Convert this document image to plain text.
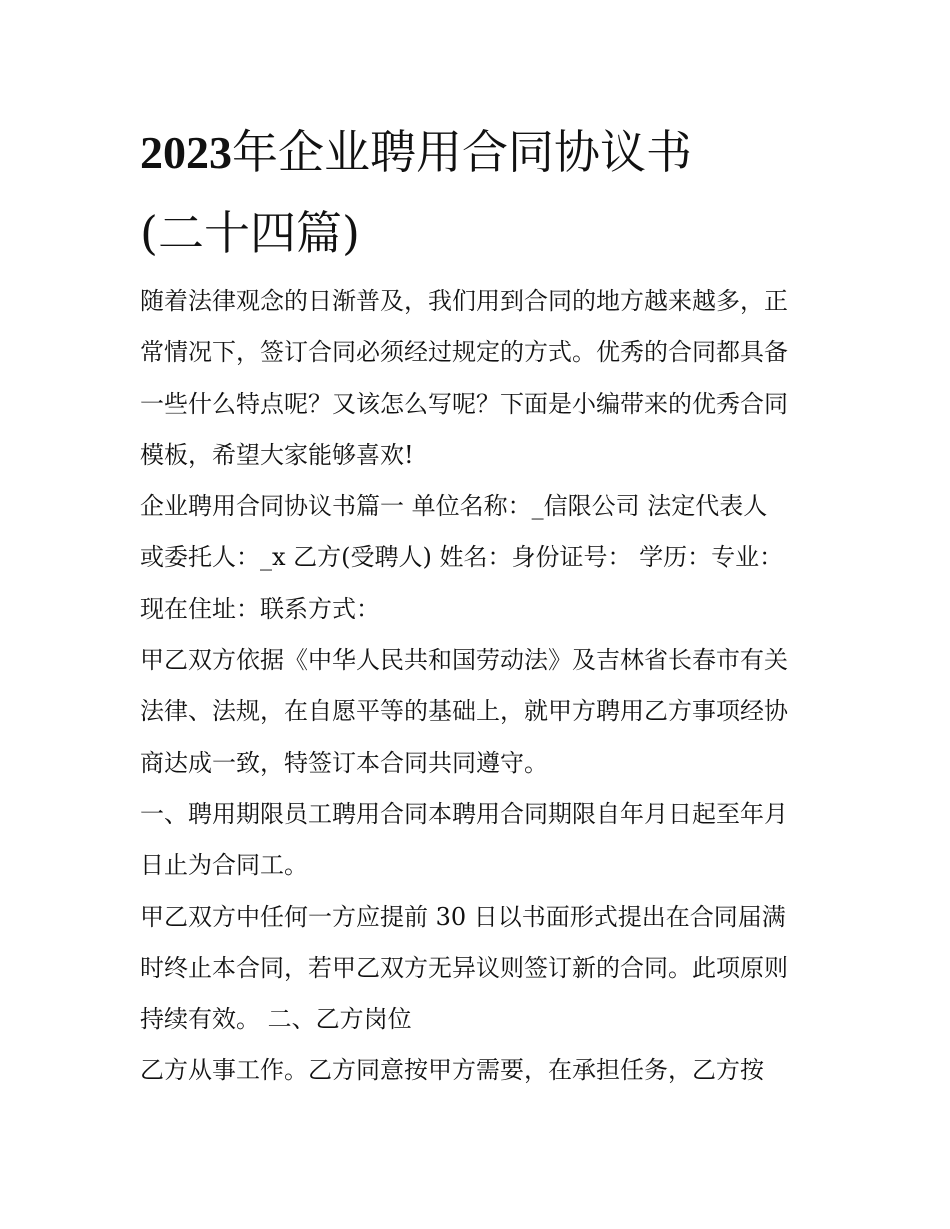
2023年企业聘用合同协议书
(二十四篇)
随着法律观念的日渐普及，我们用到合同的地方越来越多，正
常情况下，签订合同必须经过规定的方式。优秀的合同都具备
一些什么特点呢？又该怎么写呢？下面是小编带来的优秀合同
模板，希望大家能够喜欢!
企业聘用合同协议书篇一 单位名称：_信限公司 法定代表人
或委托人：_x 乙方(受聘人) 姓名：身份证号： 学历：专业：
现在住址：联系方式：
甲乙双方依据《中华人民共和国劳动法》及吉林省长春市有关
法律、法规，在自愿平等的基础上，就甲方聘用乙方事项经协
商达成一致，特签订本合同共同遵守。
一、聘用期限员工聘用合同本聘用合同期限自年月日起至年月
日止为合同工。
甲乙双方中任何一方应提前 30 日以书面形式提出在合同届满
时终止本合同，若甲乙双方无异议则签订新的合同。此项原则
持续有效。 二、乙方岗位
乙方从事工作。乙方同意按甲方需要，在承担任务，乙方按
